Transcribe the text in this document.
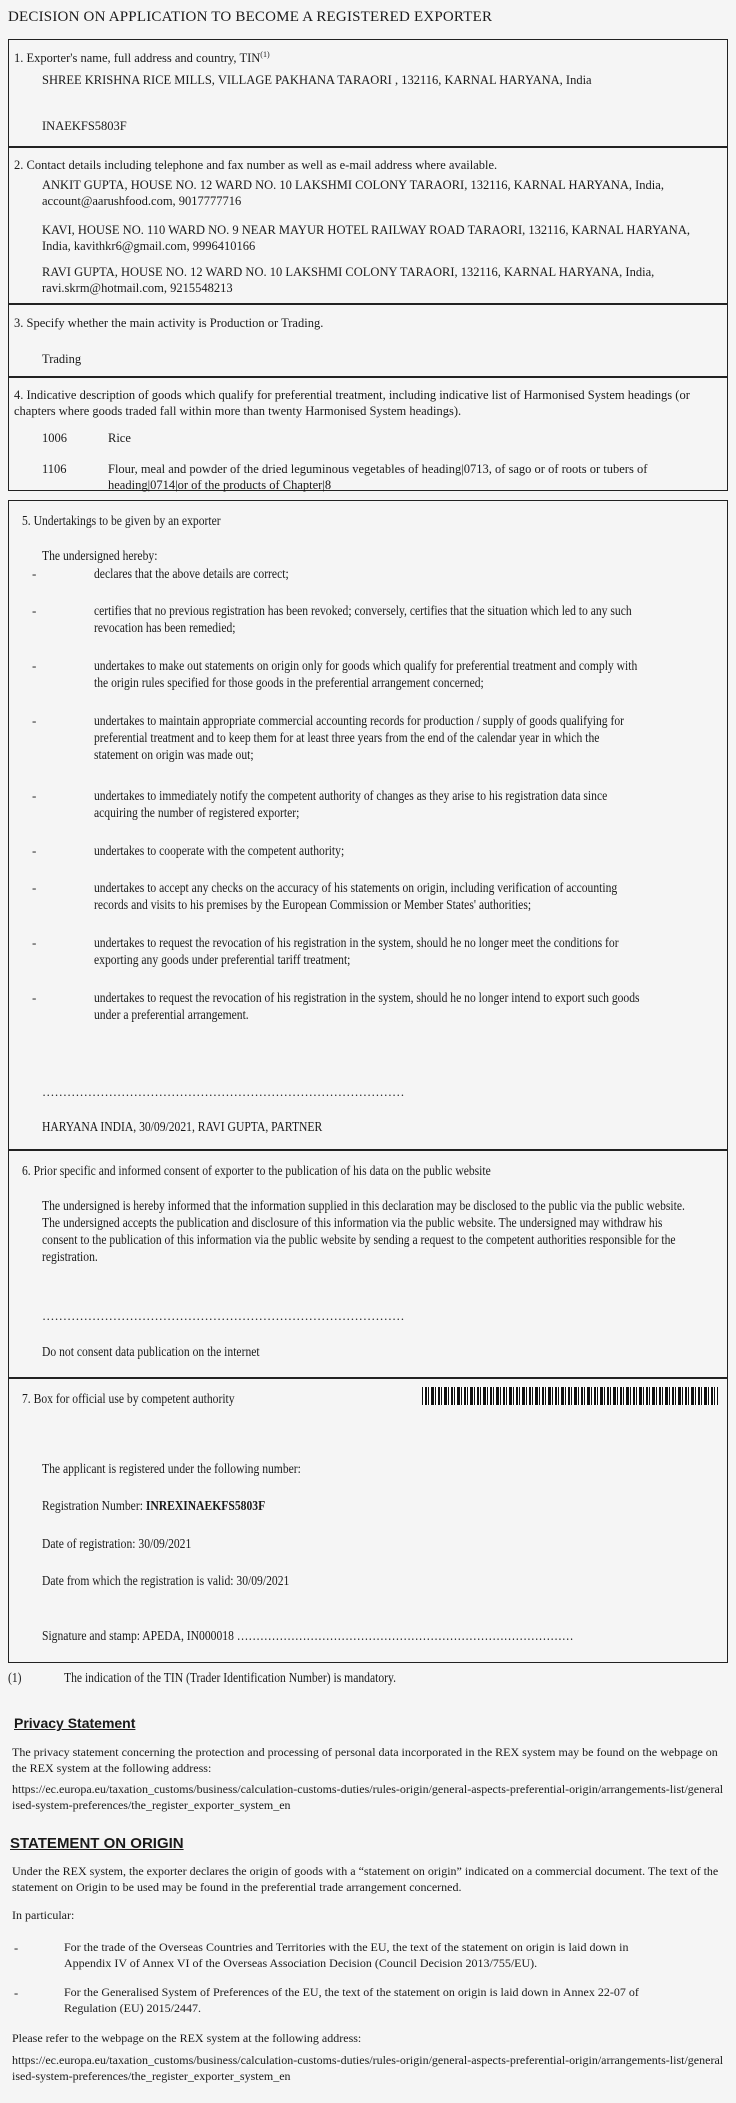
DECISION ON APPLICATION TO BECOME A REGISTERED EXPORTER
1. Exporter's name, full address and country, TIN$^{(1)}$
SHREE KRISHNA RICE MILLS, VILLAGE PAKHANA TARAORI , 132116, KARNAL HARYANA, India
INAEKFS5803F
2. Contact details including telephone and fax number as well as e-mail address where available.
ANKIT GUPTA, HOUSE NO. 12 WARD NO. 10 LAKSHMI COLONY TARAORI, 132116, KARNAL HARYANA, India, account@aarushfood.com, 9017777716
KAVI, HOUSE NO. 110 WARD NO. 9 NEAR MAYUR HOTEL RAILWAY ROAD TARAORI, 132116, KARNAL HARYANA, India, kavithkr6@gmail.com, 9996410166
RAVI GUPTA, HOUSE NO. 12 WARD NO. 10 LAKSHMI COLONY TARAORI, 132116, KARNAL HARYANA, India, ravi.skrm@hotmail.com, 9215548213
3. Specify whether the main activity is Production or Trading.
Trading
4. Indicative description of goods which qualify for preferential treatment, including indicative list of Harmonised System headings (or chapters where goods traded fall within more than twenty Harmonised System headings).
1006	Rice
1106	Flour, meal and powder of the dried leguminous vegetables of heading|0713, of sago or of roots or tubers of heading|0714|or of the products of Chapter|8
5. Undertakings to be given by an exporter
The undersigned hereby:
-	declares that the above details are correct;
-	certifies that no previous registration has been revoked; conversely, certifies that the situation which led to any such revocation has been remedied;
-	undertakes to make out statements on origin only for goods which qualify for preferential treatment and comply with the origin rules specified for those goods in the preferential arrangement concerned;
-	undertakes to maintain appropriate commercial accounting records for production / supply of goods qualifying for preferential treatment and to keep them for at least three years from the end of the calendar year in which the statement on origin was made out;
-	undertakes to immediately notify the competent authority of changes as they arise to his registration data since acquiring the number of registered exporter;
-	undertakes to cooperate with the competent authority;
-	undertakes to accept any checks on the accuracy of his statements on origin, including verification of accounting records and visits to his premises by the European Commission or Member States' authorities;
-	undertakes to request the revocation of his registration in the system, should he no longer meet the conditions for exporting any goods under preferential tariff treatment;
-	undertakes to request the revocation of his registration in the system, should he no longer intend to export such goods under a preferential arrangement.
……………………………………………………………………………
HARYANA INDIA, 30/09/2021, RAVI GUPTA, PARTNER
6. Prior specific and informed consent of exporter to the publication of his data on the public website
The undersigned is hereby informed that the information supplied in this declaration may be disclosed to the public via the public website. The undersigned accepts the publication and disclosure of this information via the public website. The undersigned may withdraw his consent to the publication of this information via the public website by sending a request to the competent authorities responsible for the registration.
……………………………………………………………………………
Do not consent data publication on the internet
7. Box for official use by competent authority
The applicant is registered under the following number:
Registration Number: INREXINAEKFS5803F
Date of registration: 30/09/2021
Date from which the registration is valid: 30/09/2021
Signature and stamp: APEDA, IN000018 ……………………………………………………………………………
(1)	The indication of the TIN (Trader Identification Number) is mandatory.
Privacy Statement
The privacy statement concerning the protection and processing of personal data incorporated in the REX system may be found on the webpage on the REX system at the following address:
https://ec.europa.eu/taxation_customs/business/calculation-customs-duties/rules-origin/general-aspects-preferential-origin/arrangements-list/generalised-system-preferences/the_register_exporter_system_en
STATEMENT ON ORIGIN
Under the REX system, the exporter declares the origin of goods with a “statement on origin” indicated on a commercial document. The text of the statement on Origin to be used may be found in the preferential trade arrangement concerned.
In particular:
-	For the trade of the Overseas Countries and Territories with the EU, the text of the statement on origin is laid down in Appendix IV of Annex VI of the Overseas Association Decision (Council Decision 2013/755/EU).
-	For the Generalised System of Preferences of the EU, the text of the statement on origin is laid down in Annex 22-07 of Regulation (EU) 2015/2447.
Please refer to the webpage on the REX system at the following address:
https://ec.europa.eu/taxation_customs/business/calculation-customs-duties/rules-origin/general-aspects-preferential-origin/arrangements-list/generalised-system-preferences/the_register_exporter_system_en
